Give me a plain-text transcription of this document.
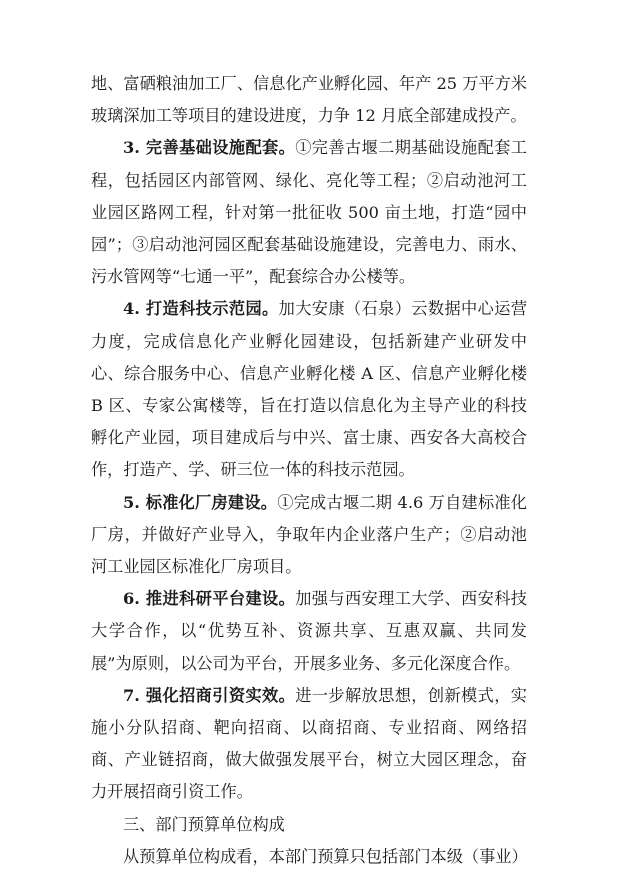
地、富硒粮油加工厂、信息化产业孵化园、年产 25 万平方米玻璃深加工等项目的建设进度，力争 12 月底全部建成投产。

3. 完善基础设施配套。①完善古堰二期基础设施配套工程，包括园区内部管网、绿化、亮化等工程；②启动池河工业园区路网工程，针对第一批征收 500 亩土地，打造“园中园”；③启动池河园区配套基础设施建设，完善电力、雨水、污水管网等“七通一平”，配套综合办公楼等。

4. 打造科技示范园。加大安康（石泉）云数据中心运营力度，完成信息化产业孵化园建设，包括新建产业研发中心、综合服务中心、信息产业孵化楼 A 区、信息产业孵化楼 B 区、专家公寓楼等，旨在打造以信息化为主导产业的科技孵化产业园，项目建成后与中兴、富士康、西安各大高校合作，打造产、学、研三位一体的科技示范园。

5. 标准化厂房建设。①完成古堰二期 4.6 万自建标准化厂房，并做好产业导入，争取年内企业落户生产；②启动池河工业园区标准化厂房项目。

6. 推进科研平台建设。加强与西安理工大学、西安科技大学合作，以“优势互补、资源共享、互惠双赢、共同发展”为原则，以公司为平台，开展多业务、多元化深度合作。

7. 强化招商引资实效。进一步解放思想，创新模式，实施小分队招商、靶向招商、以商招商、专业招商、网络招商、产业链招商，做大做强发展平台，树立大园区理念，奋力开展招商引资工作。

三、部门预算单位构成

从预算单位构成看，本部门预算只包括部门本级（事业）
